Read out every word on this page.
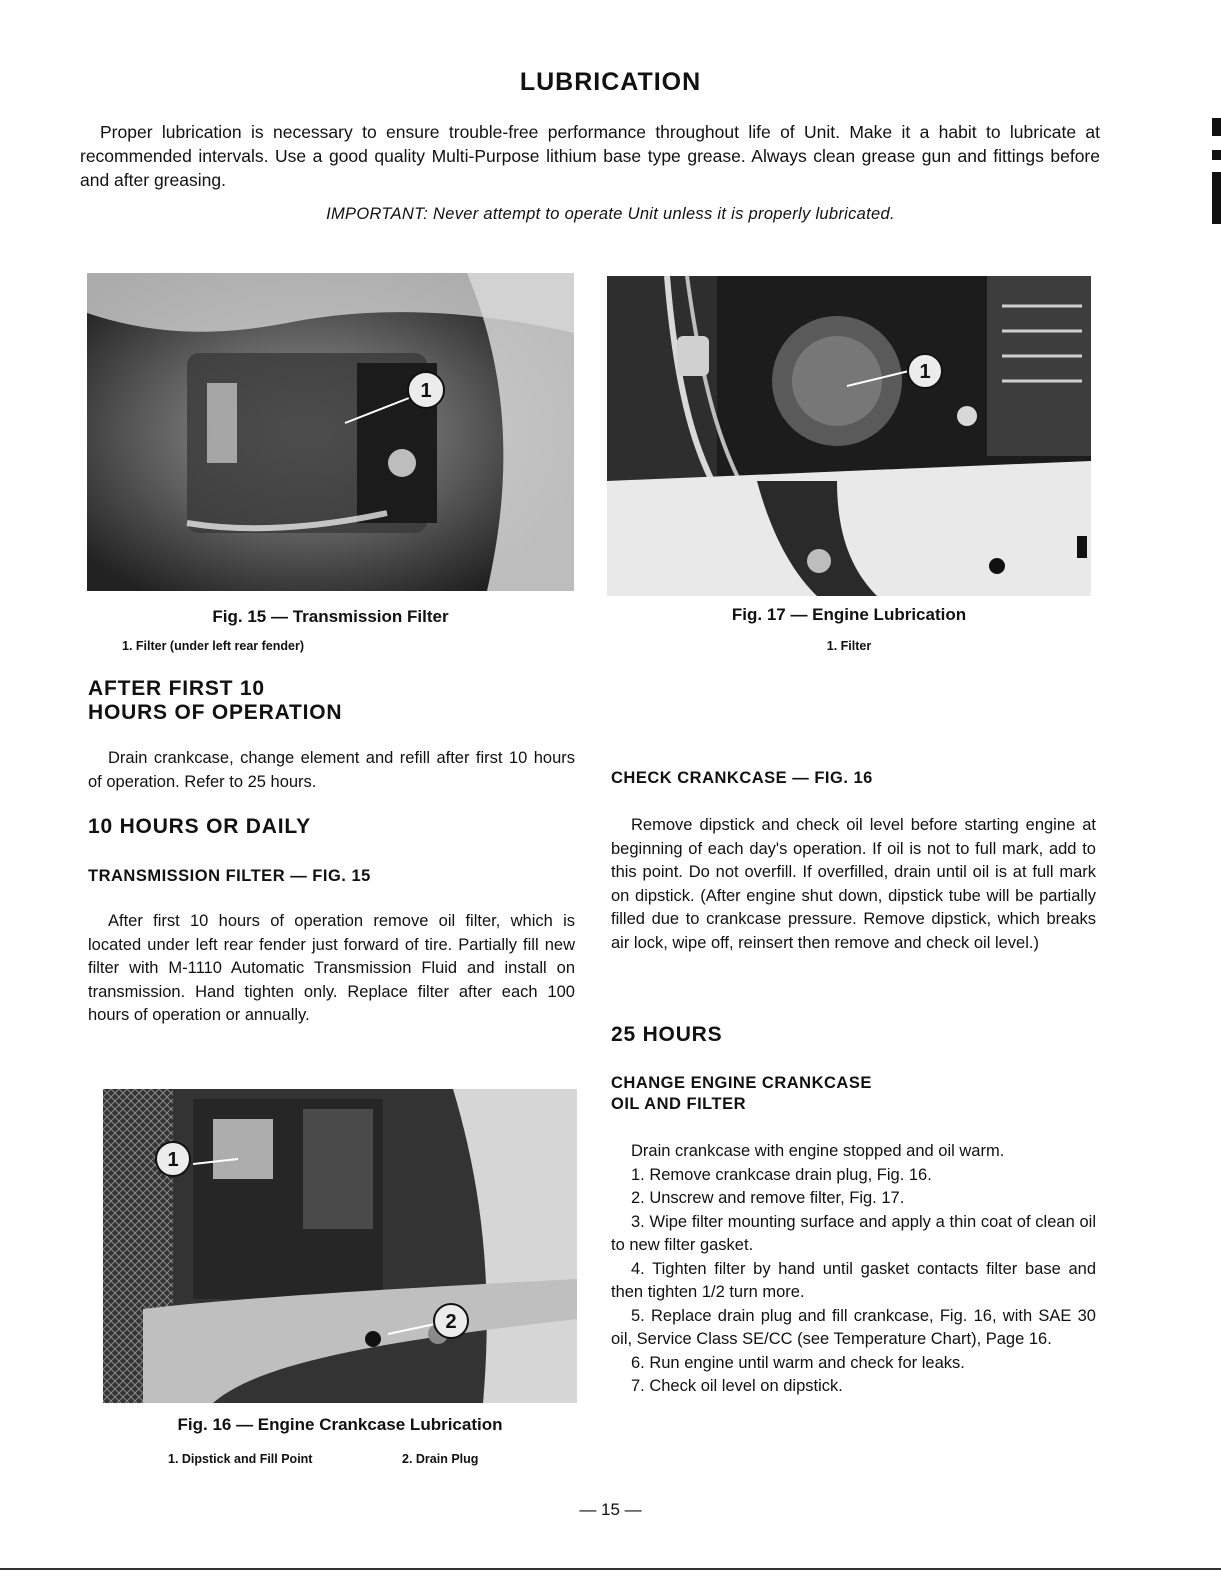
LUBRICATION
Proper lubrication is necessary to ensure trouble-free performance throughout life of Unit. Make it a habit to lubricate at recommended intervals. Use a good quality Multi-Purpose lithium base type grease. Always clean grease gun and fittings before and after greasing.
IMPORTANT: Never attempt to operate Unit unless it is properly lubricated.
1
Fig. 15 — Transmission Filter
1. Filter (under left rear fender)
1
Fig. 17 — Engine Lubrication
1. Filter
AFTER FIRST 10
HOURS OF OPERATION
Drain crankcase, change element and refill after first 10 hours of operation. Refer to 25 hours.
10 HOURS OR DAILY
TRANSMISSION FILTER — FIG. 15
After first 10 hours of operation remove oil filter, which is located under left rear fender just forward of tire. Partially fill new filter with M-1110 Automatic Transmission Fluid and install on transmission. Hand tighten only. Replace filter after each 100 hours of operation or annually.
1
2
Fig. 16 — Engine Crankcase Lubrication
1. Dipstick and Fill Point	2. Drain Plug
CHECK CRANKCASE — FIG. 16
Remove dipstick and check oil level before starting engine at beginning of each day's operation. If oil is not to full mark, add to this point. Do not overfill. If overfilled, drain until oil is at full mark on dipstick. (After engine shut down, dipstick tube will be partially filled due to crankcase pressure. Remove dipstick, which breaks air lock, wipe off, reinsert then remove and check oil level.)
25 HOURS
CHANGE ENGINE CRANKCASE
OIL AND FILTER
Drain crankcase with engine stopped and oil warm.
1. Remove crankcase drain plug, Fig. 16.
2. Unscrew and remove filter, Fig. 17.
3. Wipe filter mounting surface and apply a thin coat of clean oil to new filter gasket.
4. Tighten filter by hand until gasket contacts filter base and then tighten 1/2 turn more.
5. Replace drain plug and fill crankcase, Fig. 16, with SAE 30 oil, Service Class SE/CC (see Temperature Chart), Page 16.
6. Run engine until warm and check for leaks.
7. Check oil level on dipstick.
— 15 —
